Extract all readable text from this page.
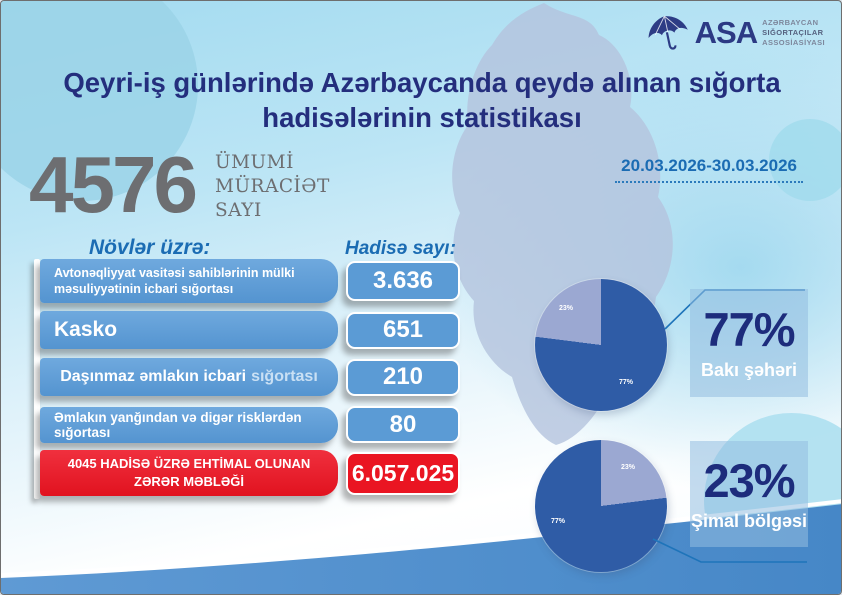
ASA AZƏRBAYCAN
SIĞORTAÇILAR
ASSOSİASİYASI
Qeyri-iş günlərində Azərbaycanda qeydə alınan sığorta hadisələrinin statistikası
4576 ÜMUMİ
MÜRACİƏT
SAYI
20.03.2026-30.03.2026
Növlər üzrə:	Hadisə sayı:
Avtonəqliyyat vasitəsi sahiblərinin mülki məsuliyyətinin icbari sığortası	3.636
Kasko	651
Daşınmaz əmlakın icbari sığortası	210
Əmlakın yanğından və digər risklərdən sığortası	80
4045 HADİSƏ ÜZRƏ EHTİMAL OLUNAN ZƏRƏR MƏBLƏĞİ	6.057.025
77%
23%
23%
77%
77%
Bakı şəhəri
23%
Şimal bölgəsi
